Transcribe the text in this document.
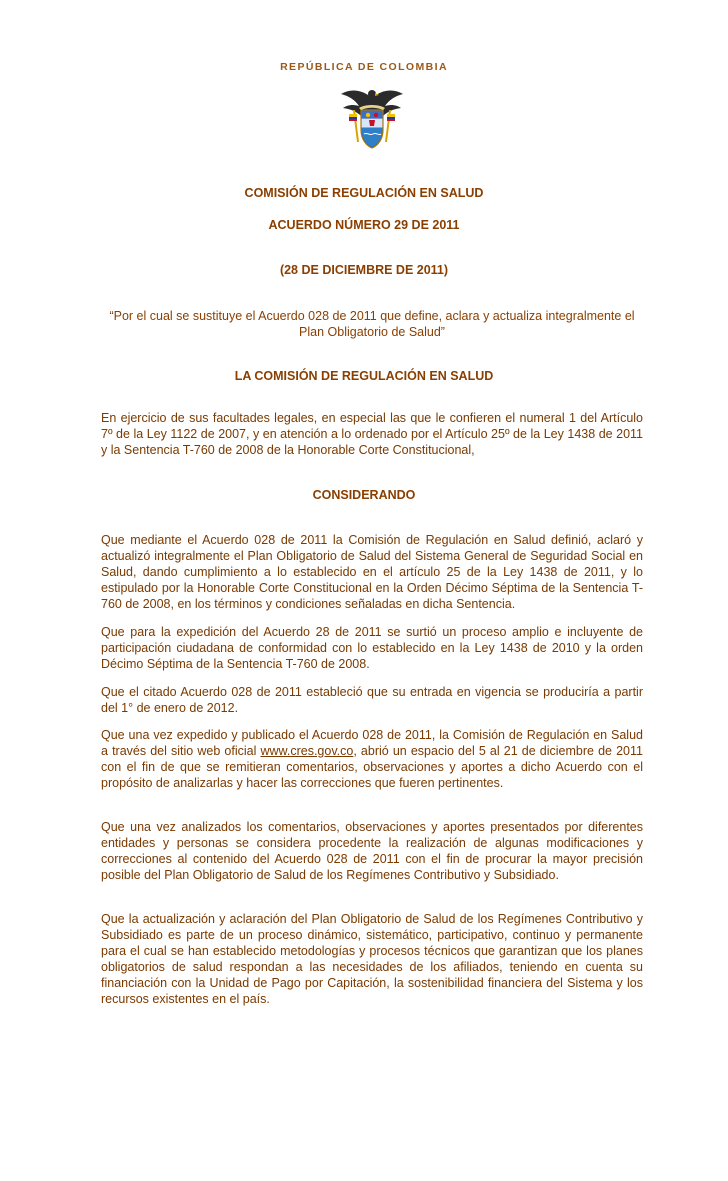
REPÚBLICA DE COLOMBIA
COMISIÓN DE REGULACIÓN EN SALUD
ACUERDO NÚMERO 29 DE 2011
(28 DE DICIEMBRE DE 2011)
“Por el cual se sustituye el Acuerdo 028 de 2011 que define, aclara y actualiza integralmente el Plan Obligatorio de Salud”
LA COMISIÓN DE REGULACIÓN EN SALUD
En ejercicio de sus facultades legales, en especial las que le confieren el numeral 1 del Artículo 7º de la Ley 1122 de 2007, y en atención a lo ordenado por el Artículo 25º de la Ley 1438 de 2011 y la Sentencia T-760 de 2008 de la Honorable Corte Constitucional,
CONSIDERANDO
Que mediante el Acuerdo 028 de 2011 la Comisión de Regulación en Salud definió, aclaró y actualizó integralmente el Plan Obligatorio de Salud del Sistema General de Seguridad Social en Salud, dando cumplimiento a lo establecido en el artículo 25 de la Ley 1438 de 2011, y lo estipulado por la Honorable Corte Constitucional en la Orden Décimo Séptima de la Sentencia T-760 de 2008, en los términos y condiciones señaladas en dicha Sentencia.
Que para la expedición del Acuerdo 28 de 2011 se surtió un proceso amplio e incluyente de participación ciudadana de conformidad con lo establecido en la Ley 1438 de 2010 y la orden Décimo Séptima de la Sentencia T-760 de 2008.
Que el citado Acuerdo 028 de 2011 estableció que su entrada en vigencia se produciría a partir del 1° de enero de 2012.
Que una vez expedido y publicado el Acuerdo 028 de 2011, la Comisión de Regulación en Salud a través del sitio web oficial www.cres.gov.co, abrió un espacio del 5 al 21 de diciembre de 2011 con el fin de que se remitieran comentarios, observaciones y aportes a dicho Acuerdo con el propósito de analizarlas y hacer las correcciones que fueren pertinentes.
Que una vez analizados los comentarios, observaciones y aportes presentados por diferentes entidades y personas se considera procedente la realización de algunas modificaciones y correcciones al contenido del Acuerdo 028 de 2011 con el fin de procurar la mayor precisión posible del Plan Obligatorio de Salud de los Regímenes Contributivo y Subsidiado.
Que la actualización y aclaración del Plan Obligatorio de Salud de los Regímenes Contributivo y Subsidiado es parte de un proceso dinámico, sistemático, participativo, continuo y permanente para el cual se han establecido metodologías y procesos técnicos que garantizan que los planes obligatorios de salud respondan a las necesidades de los afiliados, teniendo en cuenta su financiación con la Unidad de Pago por Capitación, la sostenibilidad financiera del Sistema y los recursos existentes en el país.
